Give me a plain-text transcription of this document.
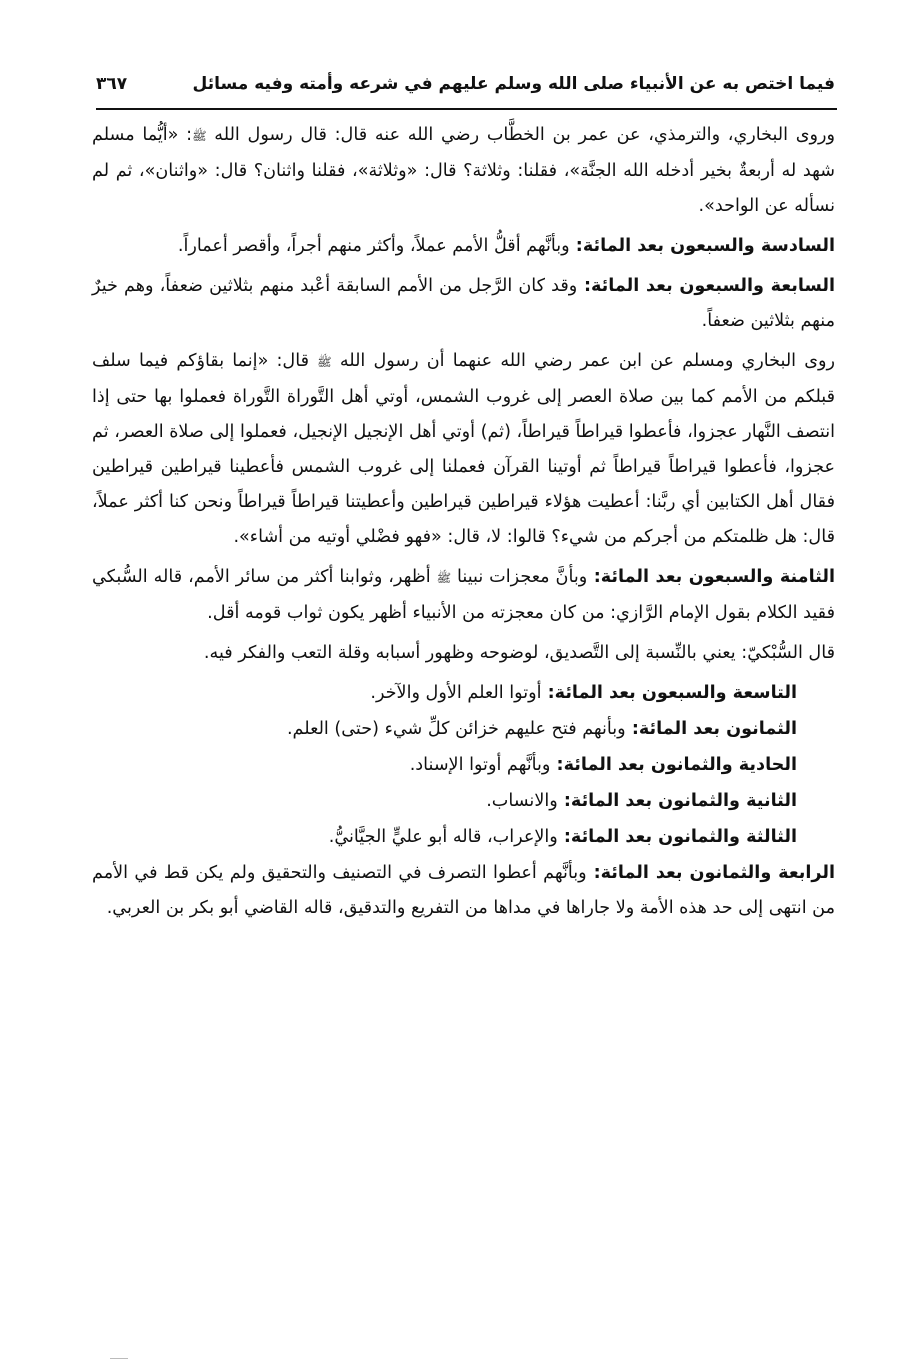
فيما اختص به عن الأنبياء صلى الله وسلم عليهم في شرعه وأمته وفيه مسائل
٣٦٧

وروى البخاري، والترمذي، عن عمر بن الخطَّاب رضي الله عنه قال: قال رسول الله ﷺ: «أيُّما مسلم شهد له أربعةٌ بخير أدخله الله الجنَّة»، فقلنا: وثلاثة؟ قال: «وثلاثة»، فقلنا واثنان؟ قال: «واثنان»، ثم لم نسأله عن الواحد».

السادسة والسبعون بعد المائة: وبأنَّهم أقلُّ الأمم عملاً، وأكثر منهم أجراً، وأقصر أعماراً.

السابعة والسبعون بعد المائة: وقد كان الرَّجل من الأمم السابقة أعْبد منهم بثلاثين ضعفاً، وهم خيرٌ منهم بثلاثين ضعفاً.

روى البخاري ومسلم عن ابن عمر رضي الله عنهما أن رسول الله ﷺ قال: «إنما بقاؤكم فيما سلف قبلكم من الأمم كما بين صلاة العصر إلى غروب الشمس، أوتي أهل التَّوراة التَّوراة فعملوا بها حتى إذا انتصف النَّهار عجزوا، فأعطوا قيراطاً قيراطاً، (ثم) أوتي أهل الإنجيل الإنجيل، فعملوا إلى صلاة العصر، ثم عجزوا، فأعطوا قيراطاً قيراطاً ثم أوتينا القرآن فعملنا إلى غروب الشمس فأعطينا قيراطين قيراطين فقال أهل الكتابين أي ربَّنا: أعطيت هؤلاء قيراطين قيراطين وأعطيتنا قيراطاً قيراطاً ونحن كنا أكثر عملاً، قال: هل ظلمتكم من أجركم من شيء؟ قالوا: لا، قال: «فهو فضْلي أوتيه من أشاء».

الثامنة والسبعون بعد المائة: وبأنَّ معجزات نبينا ﷺ أظهر، وثوابنا أكثر من سائر الأمم، قاله السُّبكي فقيد الكلام بقول الإمام الرَّازي: من كان معجزته من الأنبياء أظهر يكون ثواب قومه أقل.

قال السُّبْكيّ: يعني بالنِّسبة إلى التَّصديق، لوضوحه وظهور أسبابه وقلة التعب والفكر فيه.

التاسعة والسبعون بعد المائة: أوتوا العلم الأول والآخر.

الثمانون بعد المائة: وبأنهم فتح عليهم خزائن كلِّ شيء (حتى) العلم.

الحادية والثمانون بعد المائة: وبأنَّهم أوتوا الإسناد.

الثانية والثمانون بعد المائة: والانساب.

الثالثة والثمانون بعد المائة: والإعراب، قاله أبو عليٍّ الجيَّانيُّ.

الرابعة والثمانون بعد المائة: وبأنَّهم أعطوا التصرف في التصنيف والتحقيق ولم يكن قط في الأمم من انتهى إلى حد هذه الأمة ولا جاراها في مداها من التفريع والتدقيق، قاله القاضي أبو بكر بن العربي.
